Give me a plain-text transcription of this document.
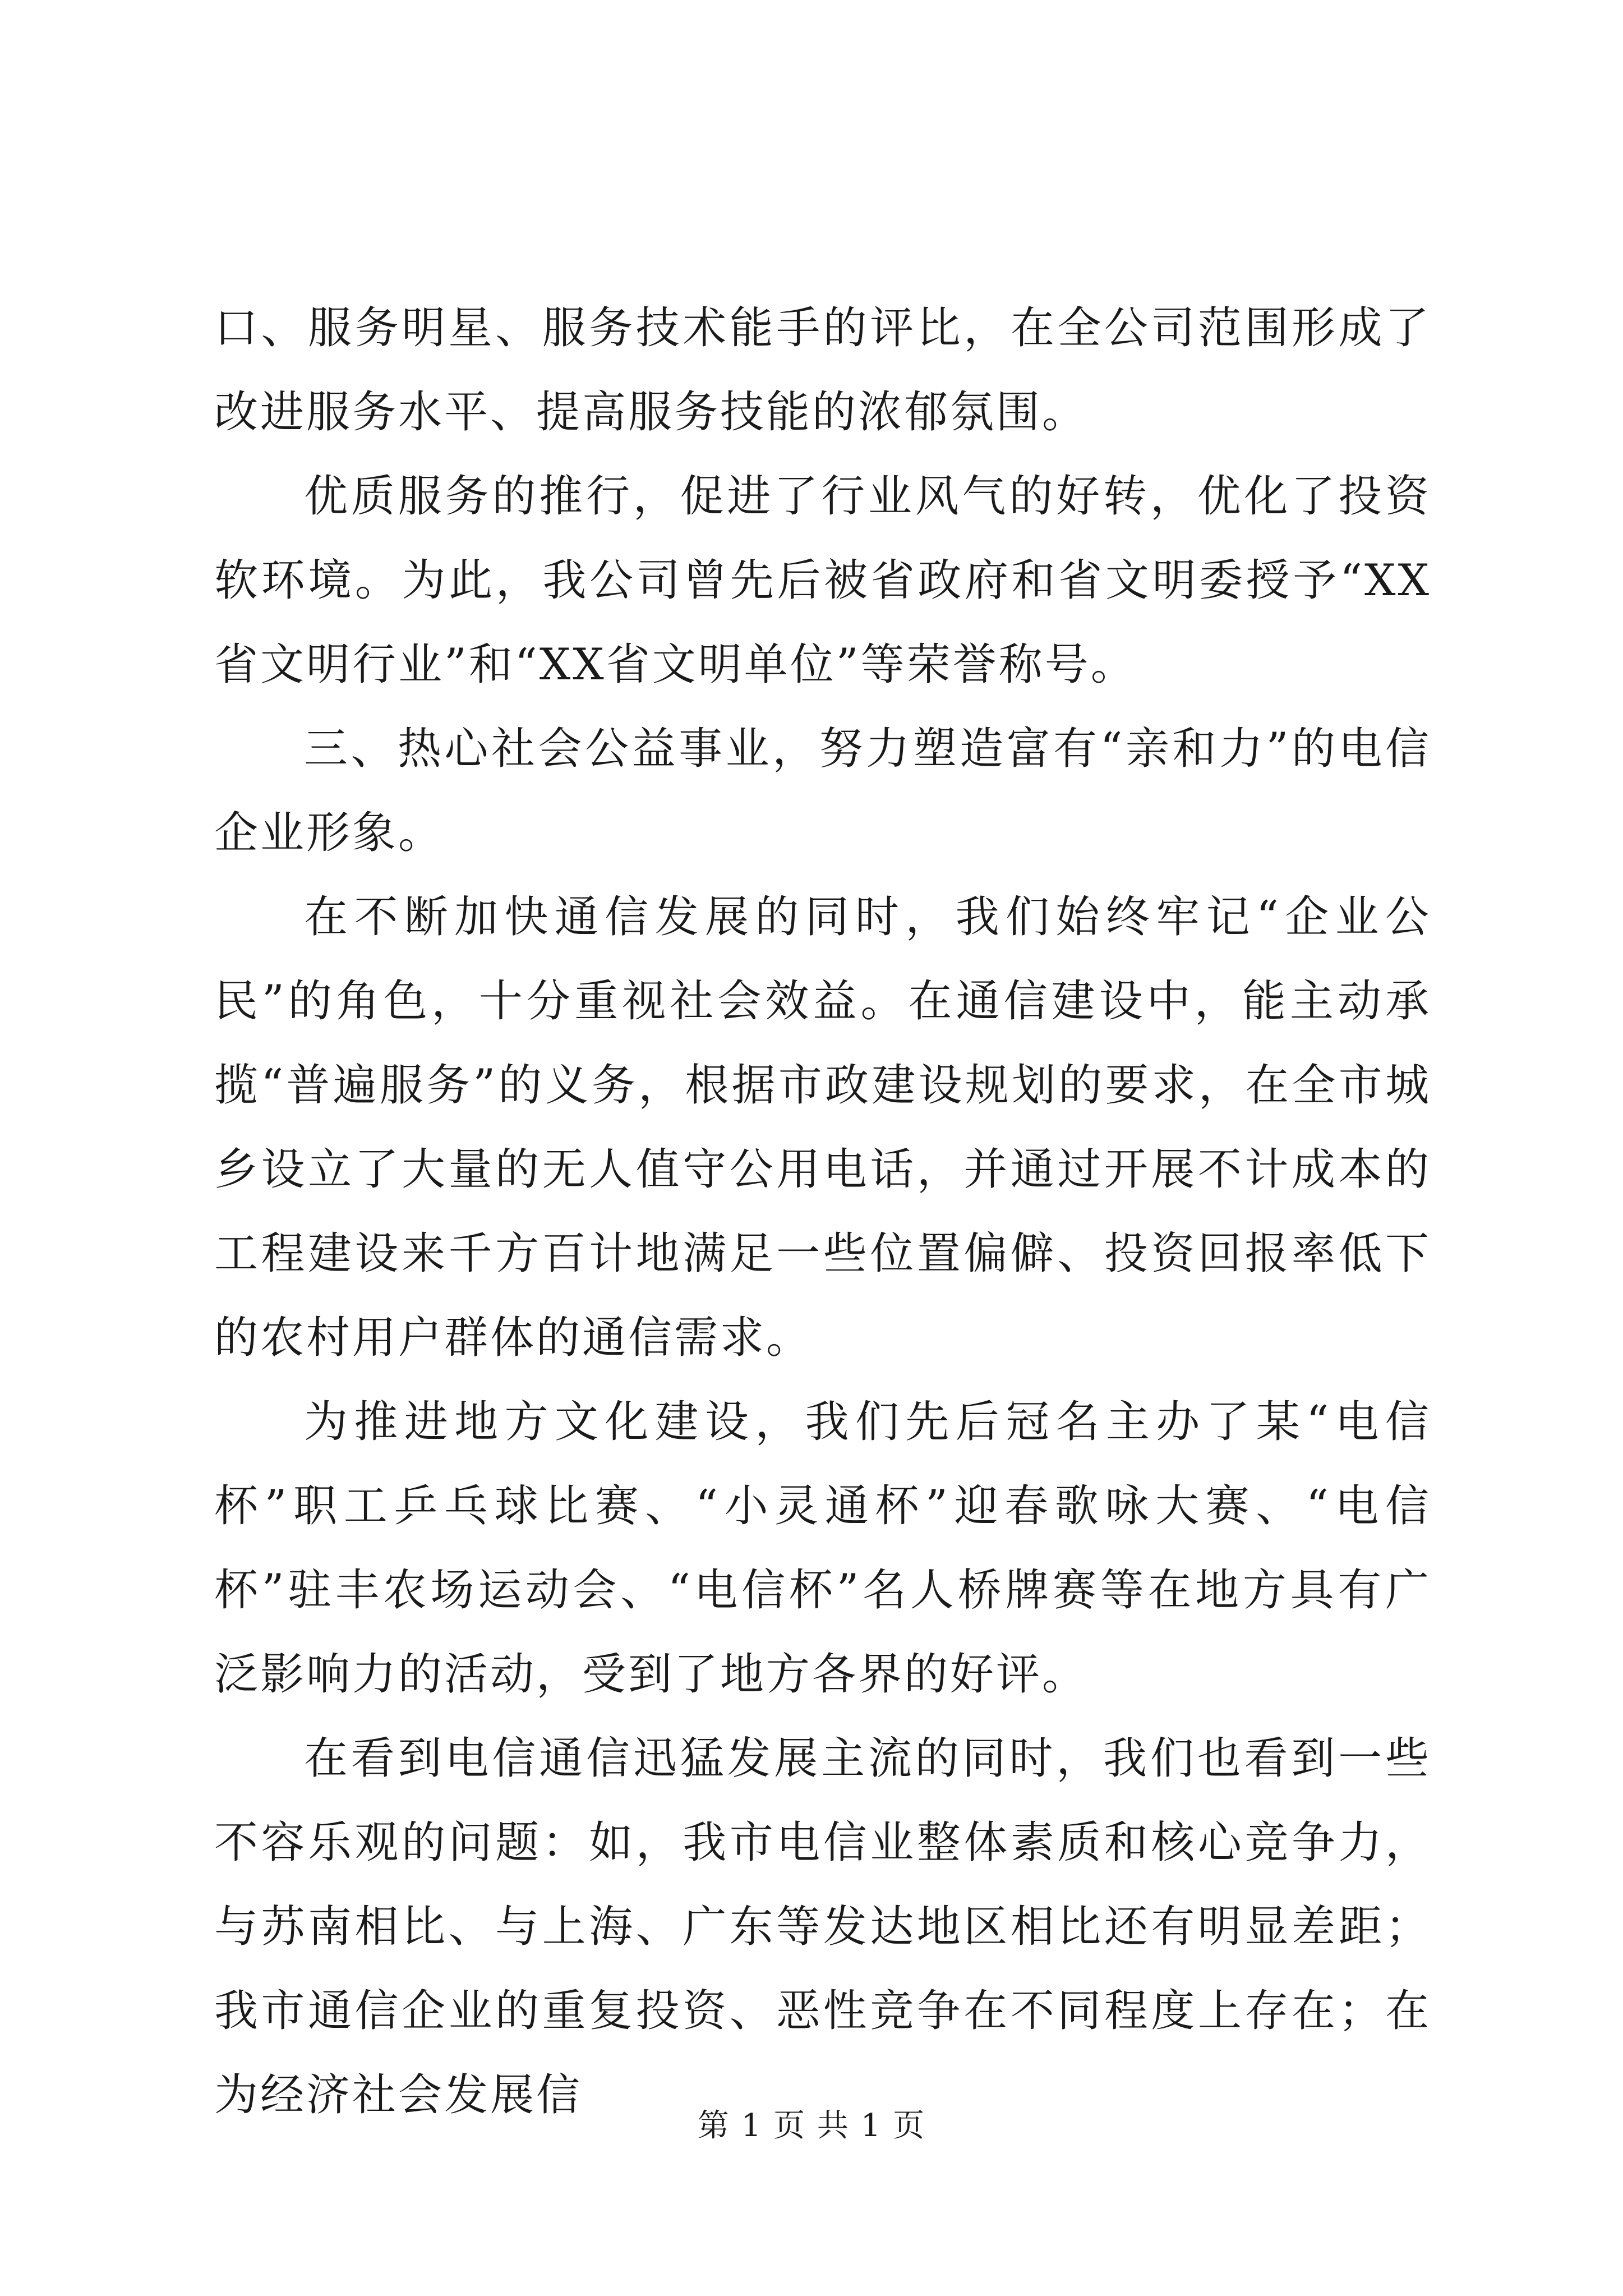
口、服务明星、服务技术能手的评比，在全公司范围形成了改进服务水平、提高服务技能的浓郁氛围。

优质服务的推行，促进了行业风气的好转，优化了投资软环境。为此，我公司曾先后被省政府和省文明委授予“XX省文明行业”和“XX省文明单位”等荣誉称号。

三、热心社会公益事业，努力塑造富有“亲和力”的电信企业形象。

在不断加快通信发展的同时，我们始终牢记“企业公民”的角色，十分重视社会效益。在通信建设中，能主动承揽“普遍服务”的义务，根据市政建设规划的要求，在全市城乡设立了大量的无人值守公用电话，并通过开展不计成本的工程建设来千方百计地满足一些位置偏僻、投资回报率低下的农村用户群体的通信需求。

为推进地方文化建设，我们先后冠名主办了某“电信杯”职工乒乓球比赛、“小灵通杯”迎春歌咏大赛、“电信杯”驻丰农场运动会、“电信杯”名人桥牌赛等在地方具有广泛影响力的活动，受到了地方各界的好评。

在看到电信通信迅猛发展主流的同时，我们也看到一些不容乐观的问题：如，我市电信业整体素质和核心竞争力，与苏南相比、与上海、广东等发达地区相比还有明显差距；我市通信企业的重复投资、恶性竞争在不同程度上存在；在为经济社会发展信

第 1 页 共 1 页
